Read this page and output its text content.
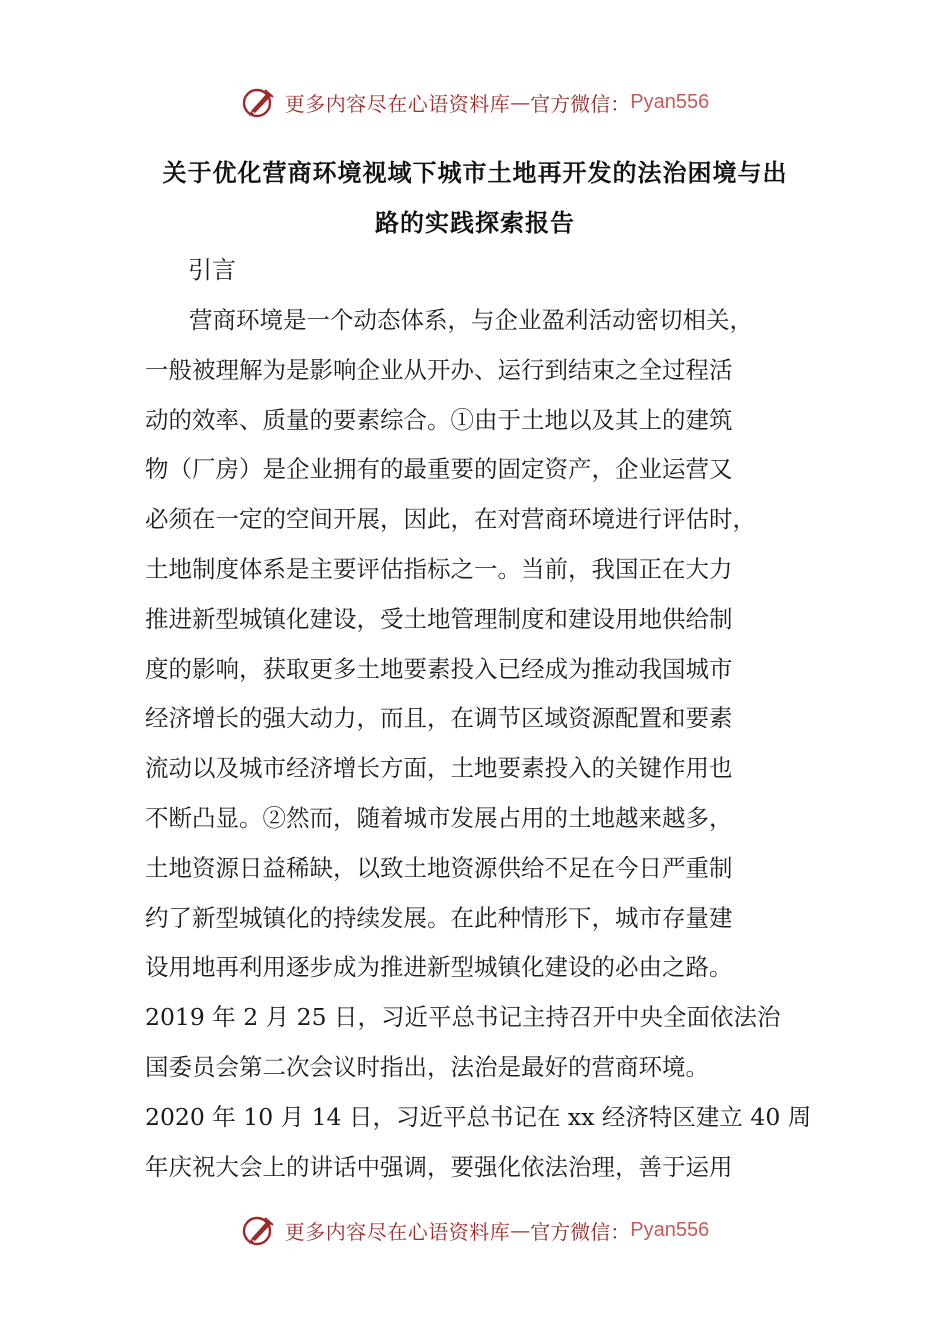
更多内容尽在心语资料库 — 官方微信： Pyan556
关于优化营商环境视域下城市土地再开发的法治困境与出
路的实践探索报告
引言
营商环境是一个动态体系，与企业盈利活动密切相关，
一般被理解为是影响企业从开办、运行到结束之全过程活
动的效率、质量的要素综合。①由于土地以及其上的建筑
物（厂房）是企业拥有的最重要的固定资产，企业运营又
必须在一定的空间开展，因此，在对营商环境进行评估时，
土地制度体系是主要评估指标之一。当前，我国正在大力
推进新型城镇化建设，受土地管理制度和建设用地供给制
度的影响，获取更多土地要素投入已经成为推动我国城市
经济增长的强大动力，而且，在调节区域资源配置和要素
流动以及城市经济增长方面，土地要素投入的关键作用也
不断凸显。②然而，随着城市发展占用的土地越来越多，
土地资源日益稀缺，以致土地资源供给不足在今日严重制
约了新型城镇化的持续发展。在此种情形下，城市存量建
设用地再利用逐步成为推进新型城镇化建设的必由之路。
2019 年 2 月 25 日，习近平总书记主持召开中央全面依法治
国委员会第二次会议时指出，法治是最好的营商环境。
2020 年 10 月 14 日，习近平总书记在 xx 经济特区建立 40 周
年庆祝大会上的讲话中强调，要强化依法治理，善于运用
更多内容尽在心语资料库 — 官方微信： Pyan556
